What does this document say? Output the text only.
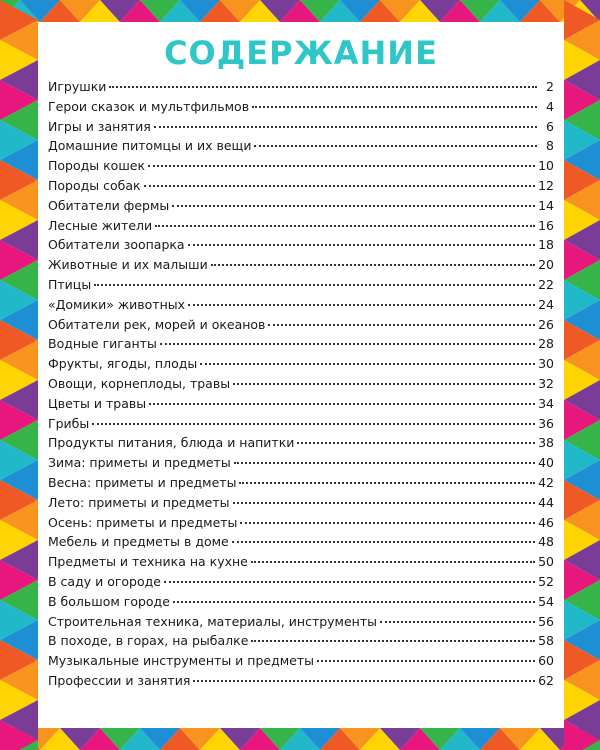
СОДЕРЖАНИЕ
Игрушки	2
Герои сказок и мультфильмов	4
Игры и занятия	6
Домашние питомцы и их вещи	8
Породы кошек	10
Породы собак	12
Обитатели фермы	14
Лесные жители	16
Обитатели зоопарка	18
Животные и их малыши	20
Птицы	22
«Домики» животных	24
Обитатели рек, морей и океанов	26
Водные гиганты	28
Фрукты, ягоды, плоды	30
Овощи, корнеплоды, травы	32
Цветы и травы	34
Грибы	36
Продукты питания, блюда и напитки	38
Зима: приметы и предметы	40
Весна: приметы и предметы	42
Лето: приметы и предметы	44
Осень: приметы и предметы	46
Мебель и предметы в доме	48
Предметы и техника на кухне	50
В саду и огороде	52
В большом городе	54
Строительная техника, материалы, инструменты	56
В походе, в горах, на рыбалке	58
Музыкальные инструменты и предметы	60
Профессии и занятия	62
